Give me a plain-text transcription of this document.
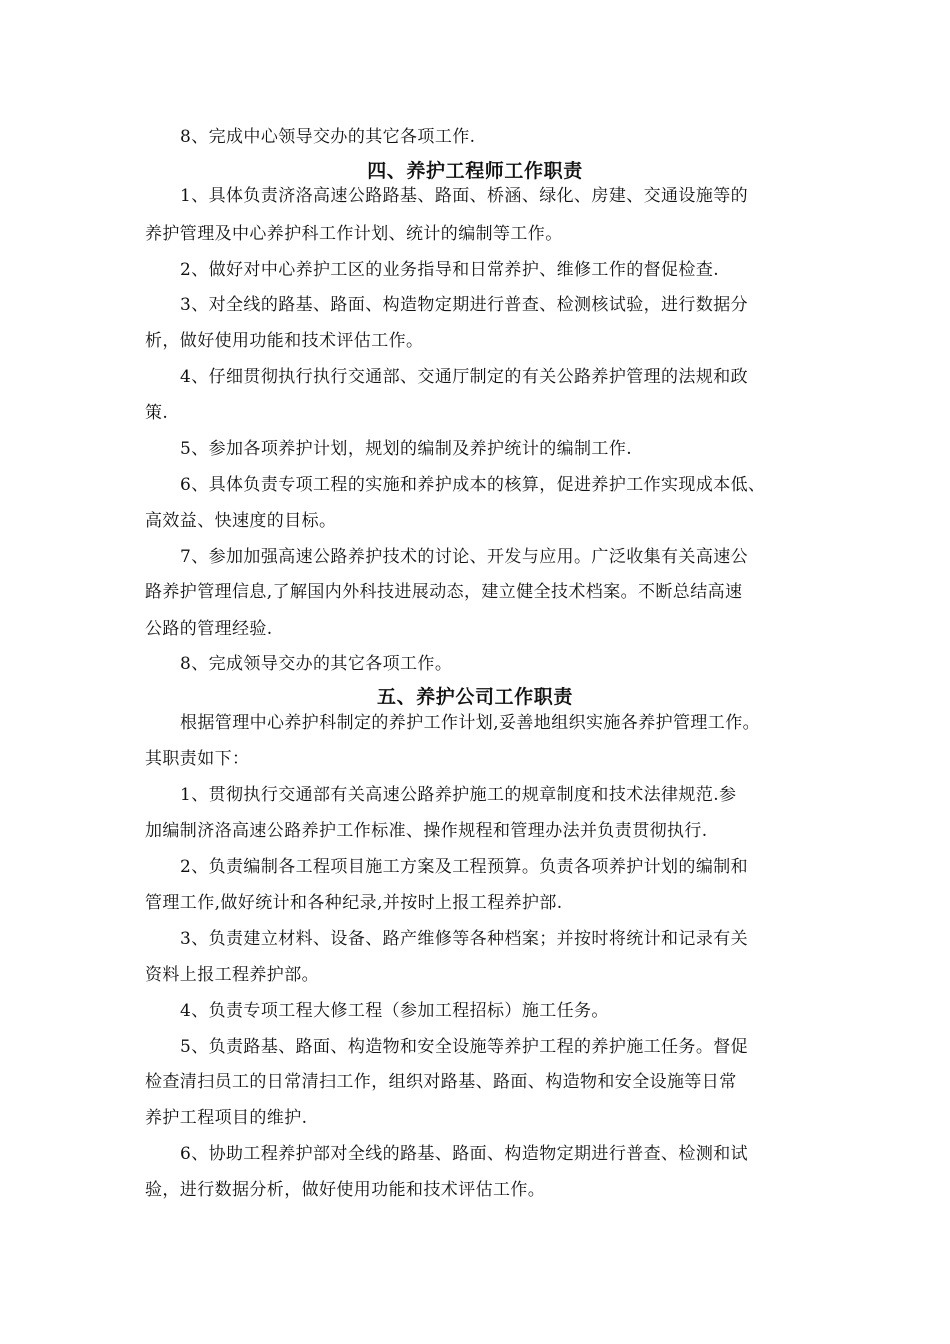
8、完成中心领导交办的其它各项工作.
四、养护工程师工作职责
1、具体负责济洛高速公路路基、路面、桥涵、绿化、房建、交通设施等的
养护管理及中心养护科工作计划、统计的编制等工作。
2、做好对中心养护工区的业务指导和日常养护、维修工作的督促检查.
3、对全线的路基、路面、构造物定期进行普查、检测核试验，进行数据分
析，做好使用功能和技术评估工作。
4、仔细贯彻执行执行交通部、交通厅制定的有关公路养护管理的法规和政
策.
5、参加各项养护计划，规划的编制及养护统计的编制工作.
6、具体负责专项工程的实施和养护成本的核算，促进养护工作实现成本低、
高效益、快速度的目标。
7、参加加强高速公路养护技术的讨论、开发与应用。广泛收集有关高速公
路养护管理信息,了解国内外科技进展动态，建立健全技术档案。不断总结高速
公路的管理经验.
8、完成领导交办的其它各项工作。
五、养护公司工作职责
根据管理中心养护科制定的养护工作计划,妥善地组织实施各养护管理工作。
其职责如下：
1、贯彻执行交通部有关高速公路养护施工的规章制度和技术法律规范.参
加编制济洛高速公路养护工作标准、操作规程和管理办法并负责贯彻执行.
2、负责编制各工程项目施工方案及工程预算。负责各项养护计划的编制和
管理工作,做好统计和各种纪录,并按时上报工程养护部.
3、负责建立材料、设备、路产维修等各种档案；并按时将统计和记录有关
资料上报工程养护部。
4、负责专项工程大修工程（参加工程招标）施工任务。
5、负责路基、路面、构造物和安全设施等养护工程的养护施工任务。督促
检查清扫员工的日常清扫工作，组织对路基、路面、构造物和安全设施等日常
养护工程项目的维护.
6、协助工程养护部对全线的路基、路面、构造物定期进行普查、检测和试
验，进行数据分析，做好使用功能和技术评估工作。
